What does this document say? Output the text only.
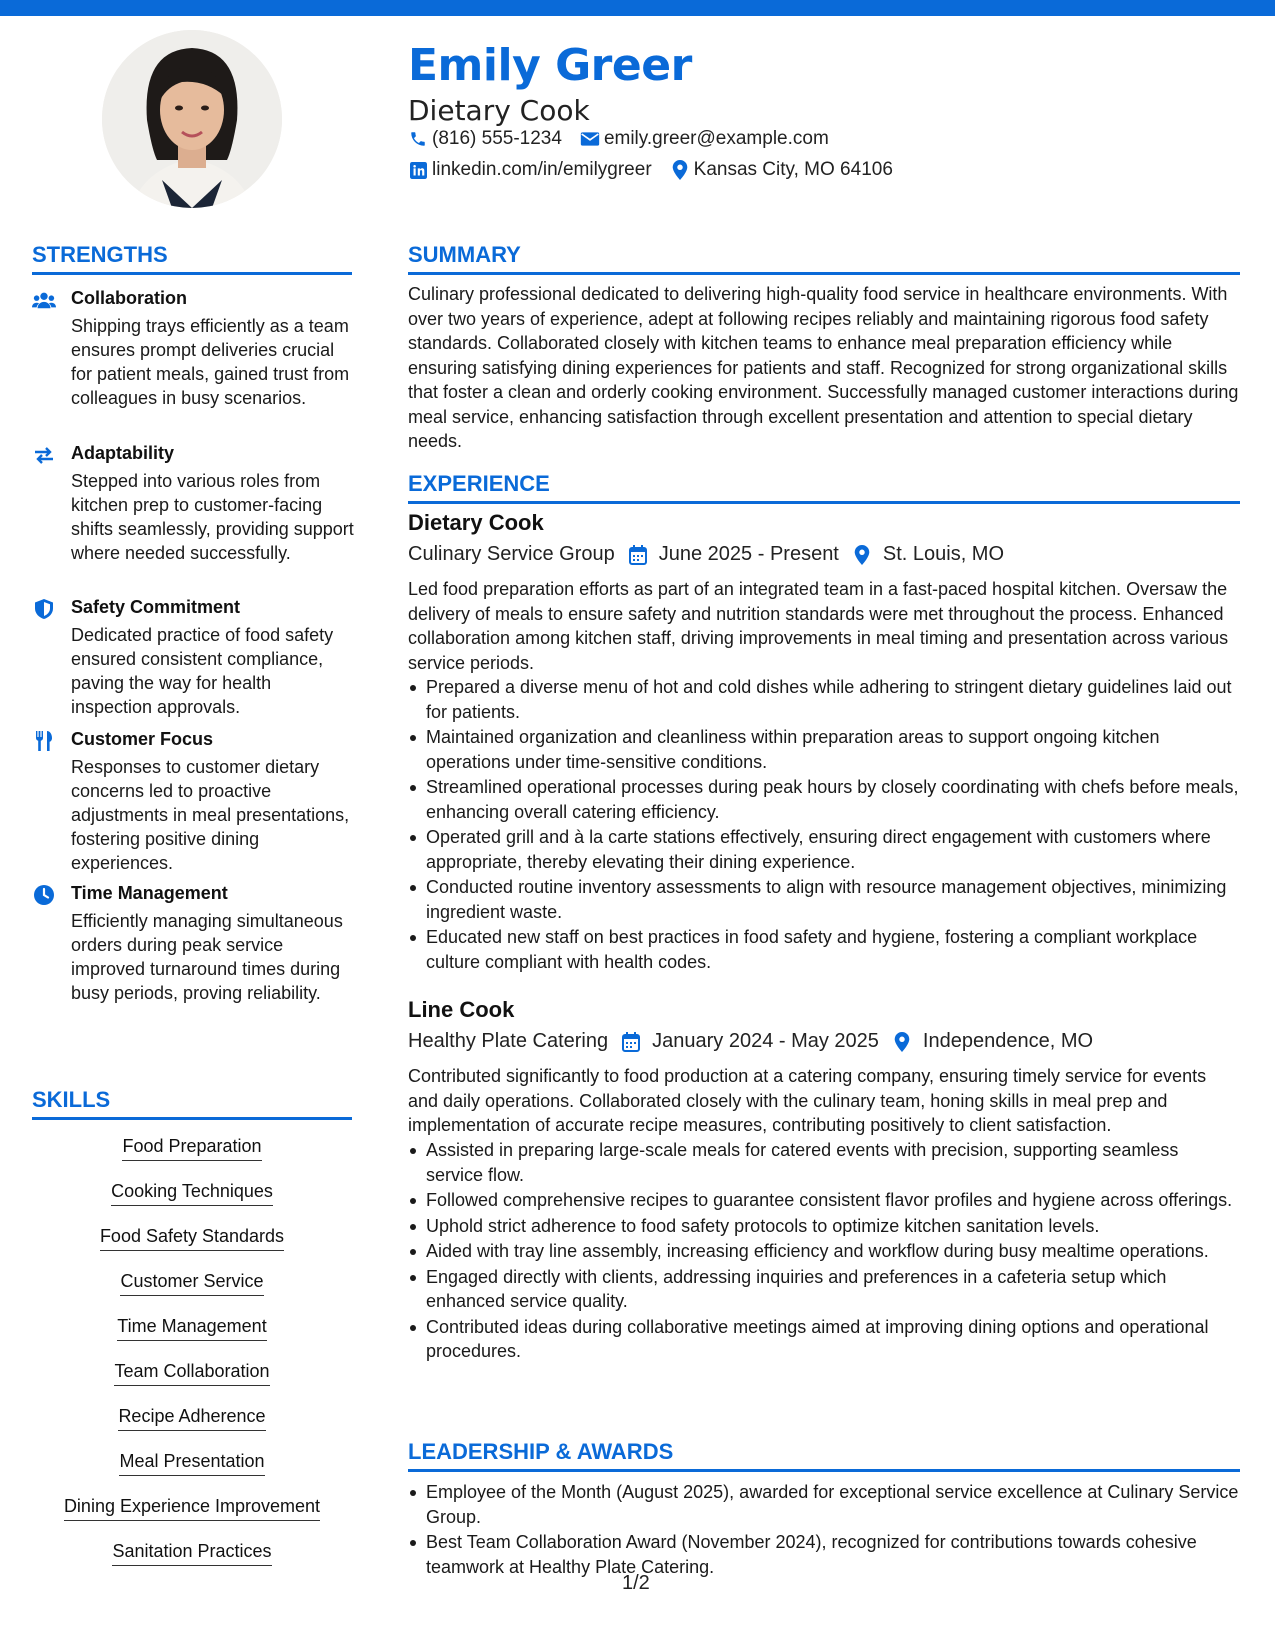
Emily Greer
Dietary Cook
(816) 555-1234 emily.greer@example.com
linkedin.com/in/emilygreer Kansas City, MO 64106
STRENGTHS
Collaboration
Shipping trays efficiently as a team ensures prompt deliveries crucial for patient meals, gained trust from colleagues in busy scenarios.
Adaptability
Stepped into various roles from kitchen prep to customer-facing shifts seamlessly, providing support where needed successfully.
Safety Commitment
Dedicated practice of food safety ensured consistent compliance, paving the way for health inspection approvals.
Customer Focus
Responses to customer dietary concerns led to proactive adjustments in meal presentations, fostering positive dining experiences.
Time Management
Efficiently managing simultaneous orders during peak service improved turnaround times during busy periods, proving reliability.
SKILLS
Food Preparation
Cooking Techniques
Food Safety Standards
Customer Service
Time Management
Team Collaboration
Recipe Adherence
Meal Presentation
Dining Experience Improvement
Sanitation Practices
SUMMARY
Culinary professional dedicated to delivering high-quality food service in healthcare environments. With over two years of experience, adept at following recipes reliably and maintaining rigorous food safety standards. Collaborated closely with kitchen teams to enhance meal preparation efficiency while ensuring satisfying dining experiences for patients and staff. Recognized for strong organizational skills that foster a clean and orderly cooking environment. Successfully managed customer interactions during meal service, enhancing satisfaction through excellent presentation and attention to special dietary needs.
EXPERIENCE
Dietary Cook
Culinary Service Group June 2025 - Present St. Louis, MO
Led food preparation efforts as part of an integrated team in a fast-paced hospital kitchen. Oversaw the delivery of meals to ensure safety and nutrition standards were met throughout the process. Enhanced collaboration among kitchen staff, driving improvements in meal timing and presentation across various service periods.
Prepared a diverse menu of hot and cold dishes while adhering to stringent dietary guidelines laid out for patients.
Maintained organization and cleanliness within preparation areas to support ongoing kitchen operations under time-sensitive conditions.
Streamlined operational processes during peak hours by closely coordinating with chefs before meals, enhancing overall catering efficiency.
Operated grill and à la carte stations effectively, ensuring direct engagement with customers where appropriate, thereby elevating their dining experience.
Conducted routine inventory assessments to align with resource management objectives, minimizing ingredient waste.
Educated new staff on best practices in food safety and hygiene, fostering a compliant workplace culture compliant with health codes.
Line Cook
Healthy Plate Catering January 2024 - May 2025 Independence, MO
Contributed significantly to food production at a catering company, ensuring timely service for events and daily operations. Collaborated closely with the culinary team, honing skills in meal prep and implementation of accurate recipe measures, contributing positively to client satisfaction.
Assisted in preparing large-scale meals for catered events with precision, supporting seamless service flow.
Followed comprehensive recipes to guarantee consistent flavor profiles and hygiene across offerings.
Uphold strict adherence to food safety protocols to optimize kitchen sanitation levels.
Aided with tray line assembly, increasing efficiency and workflow during busy mealtime operations.
Engaged directly with clients, addressing inquiries and preferences in a cafeteria setup which enhanced service quality.
Contributed ideas during collaborative meetings aimed at improving dining options and operational procedures.
LEADERSHIP & AWARDS
Employee of the Month (August 2025), awarded for exceptional service excellence at Culinary Service Group.
Best Team Collaboration Award (November 2024), recognized for contributions towards cohesive teamwork at Healthy Plate Catering.
1/2
